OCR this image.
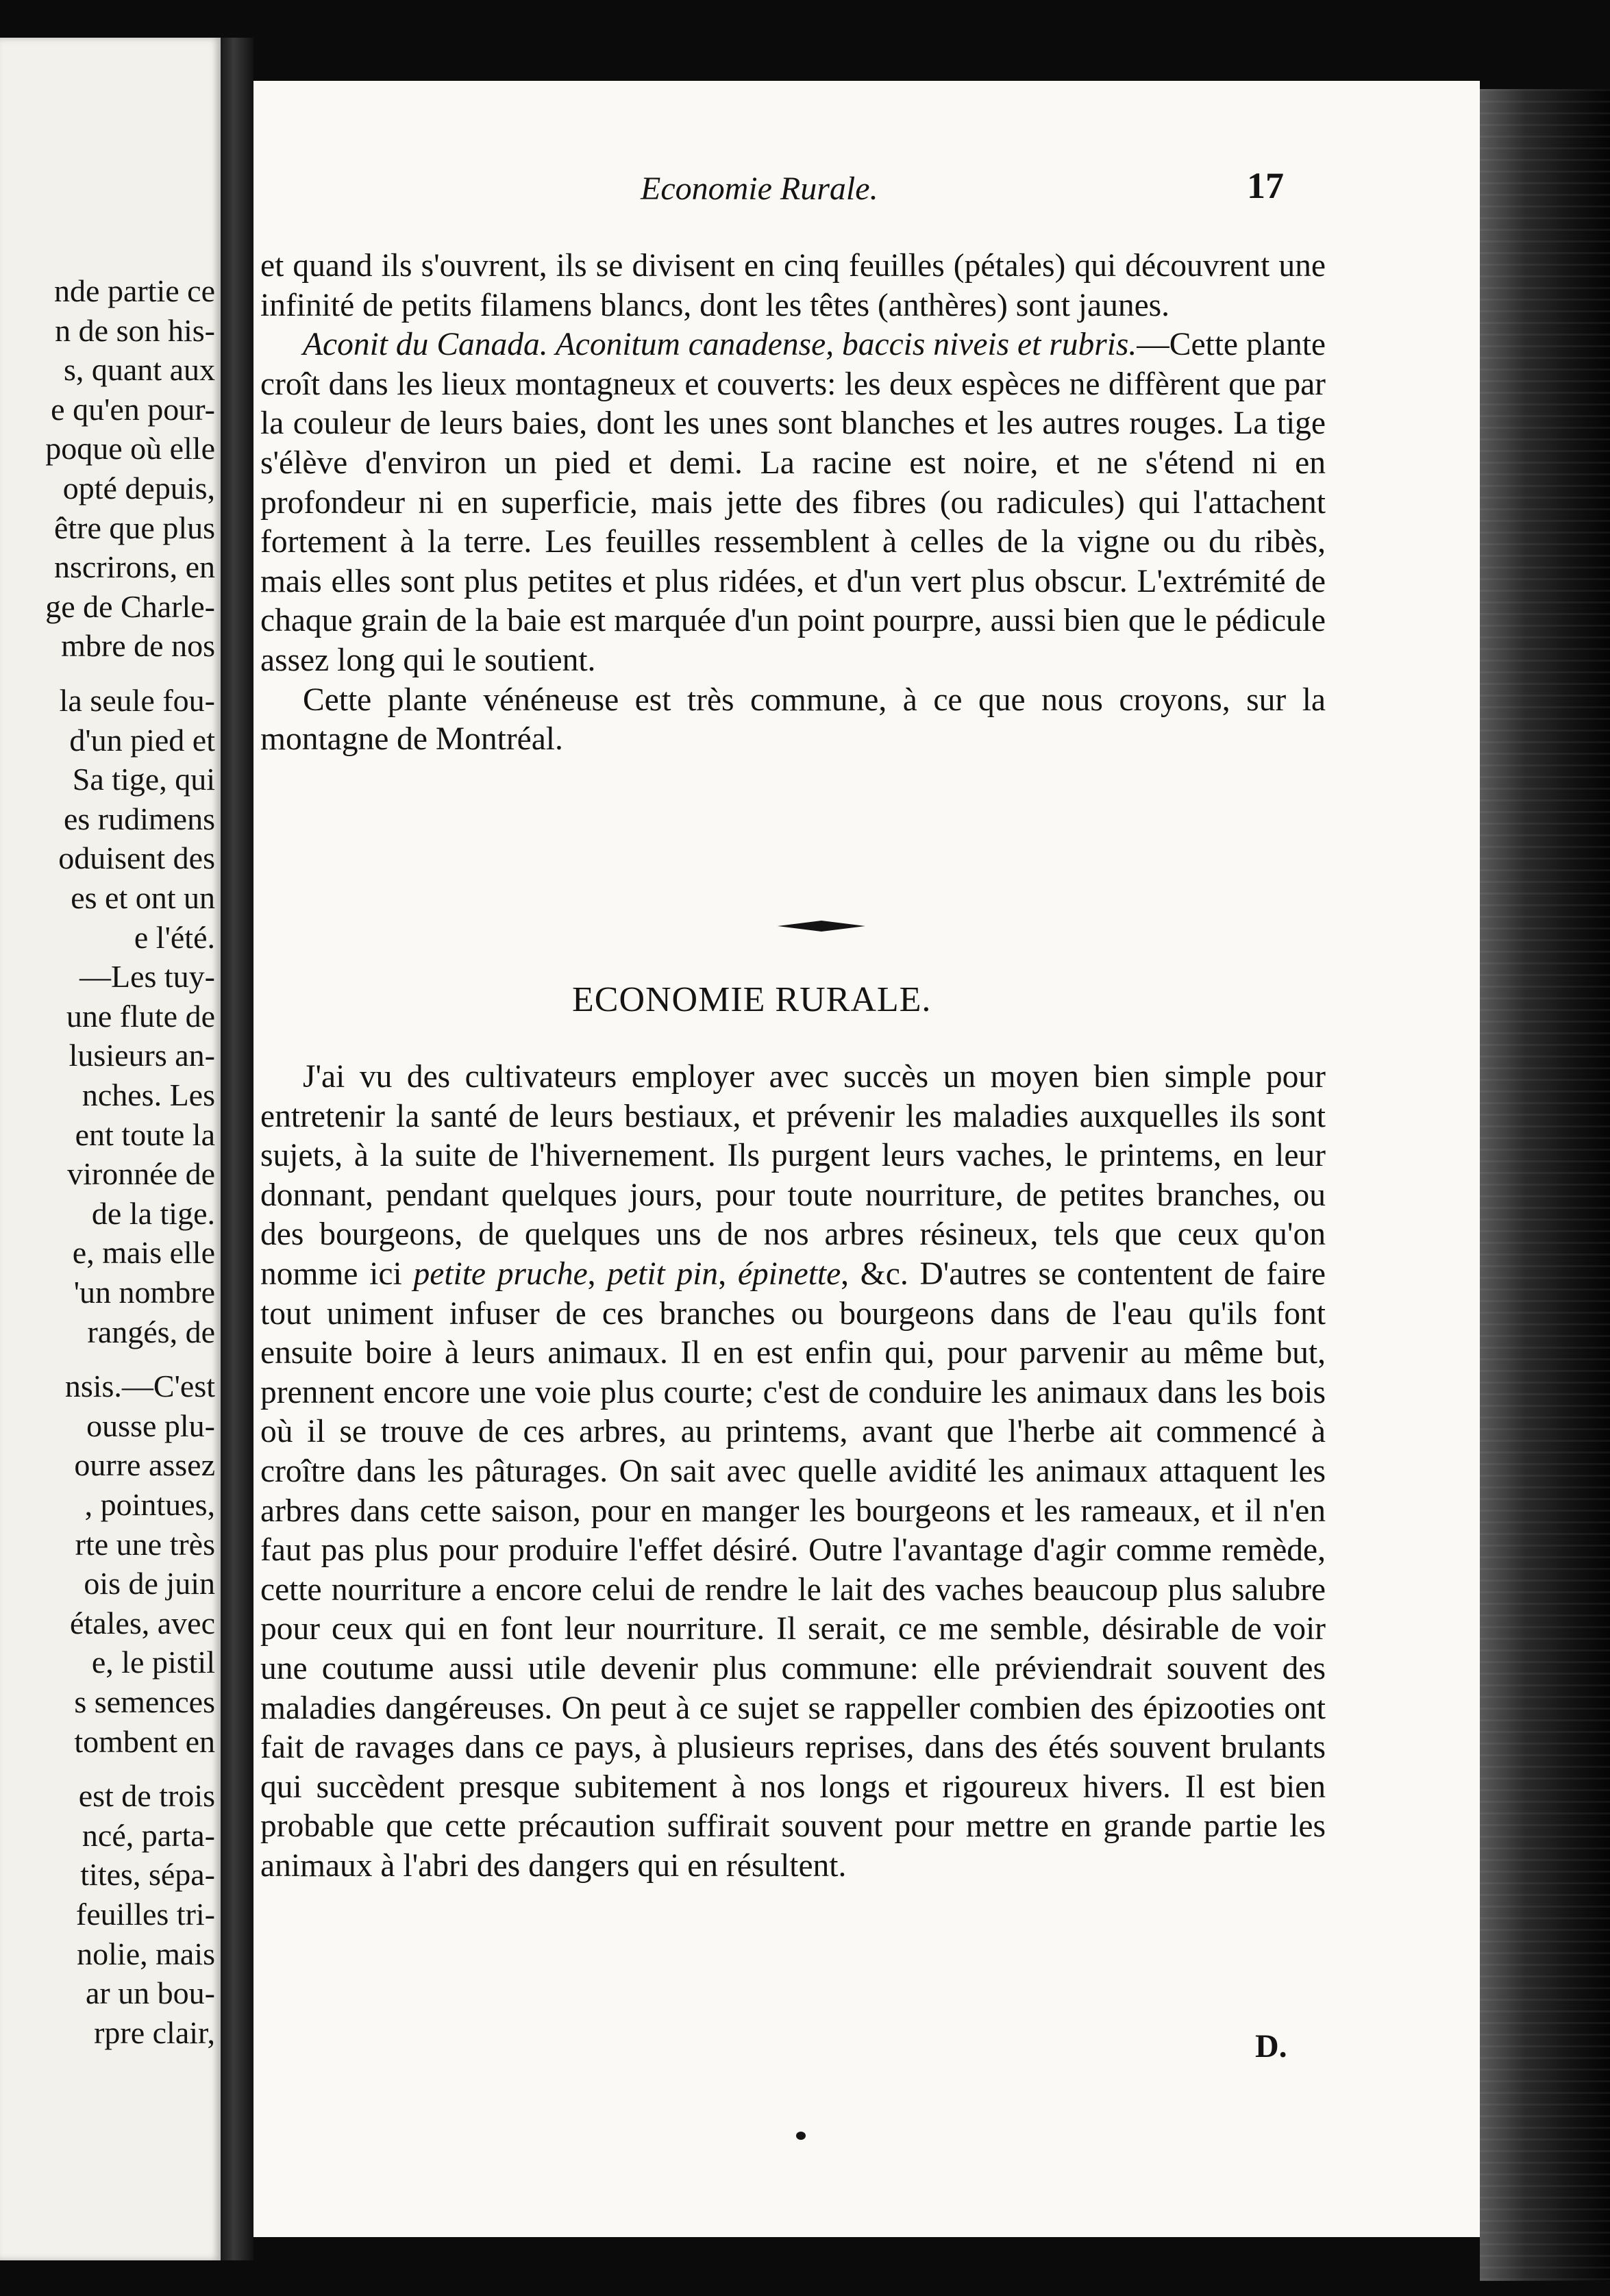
nde partie ce
n de son his-
s, quant aux
e qu'en pour-
poque où elle
opté depuis,
être que plus
nscrirons, en
ge de Charle-
mbre de nos
la seule fou-
d'un pied et
Sa tige, qui
es rudimens
oduisent des
es et ont un
e l'été.
—Les tuy-
une flute de
lusieurs an-
nches. Les
ent toute la
vironnée de
de la tige.
e, mais elle
'un nombre
rangés, de
nsis.—C'est
ousse plu-
ourre assez
, pointues,
rte une très
ois de juin
étales, avec
e, le pistil
s semences
tombent en
est de trois
ncé, parta-
tites, sépa-
feuilles tri-
nolie, mais
ar un bou-
rpre clair,
Economie Rurale.	17

et quand ils s'ouvrent, ils se divisent en cinq feuilles (pétales) qui découvrent une infinité de petits filamens blancs, dont les têtes (anthères) sont jaunes.

Aconit du Canada. Aconitum canadense, baccis niveis et rubris.—Cette plante croît dans les lieux montagneux et couverts: les deux espèces ne diffèrent que par la couleur de leurs baies, dont les unes sont blanches et les autres rouges. La tige s'élève d'environ un pied et demi. La racine est noire, et ne s'étend ni en profondeur ni en superficie, mais jette des fibres (ou radicules) qui l'attachent fortement à la terre. Les feuilles ressemblent à celles de la vigne ou du ribès, mais elles sont plus petites et plus ridées, et d'un vert plus obscur. L'extrémité de chaque grain de la baie est marquée d'un point pourpre, aussi bien que le pédicule assez long qui le soutient.

Cette plante vénéneuse est très commune, à ce que nous croyons, sur la montagne de Montréal.

ECONOMIE RURALE.

J'ai vu des cultivateurs employer avec succès un moyen bien simple pour entretenir la santé de leurs bestiaux, et prévenir les maladies auxquelles ils sont sujets, à la suite de l'hivernement. Ils purgent leurs vaches, le printems, en leur donnant, pendant quelques jours, pour toute nourriture, de petites branches, ou des bourgeons, de quelques uns de nos arbres résineux, tels que ceux qu'on nomme ici petite pruche, petit pin, épinette, &c. D'autres se contentent de faire tout uniment infuser de ces branches ou bourgeons dans de l'eau qu'ils font ensuite boire à leurs animaux. Il en est enfin qui, pour parvenir au même but, prennent encore une voie plus courte; c'est de conduire les animaux dans les bois où il se trouve de ces arbres, au printems, avant que l'herbe ait commencé à croître dans les pâturages. On sait avec quelle avidité les animaux attaquent les arbres dans cette saison, pour en manger les bourgeons et les rameaux, et il n'en faut pas plus pour produire l'effet désiré. Outre l'avantage d'agir comme remède, cette nourriture a encore celui de rendre le lait des vaches beaucoup plus salubre pour ceux qui en font leur nourriture. Il serait, ce me semble, désirable de voir une coutume aussi utile devenir plus commune: elle préviendrait souvent des maladies dangéreuses. On peut à ce sujet se rappeller combien des épizooties ont fait de ravages dans ce pays, à plusieurs reprises, dans des étés souvent brulants qui succèdent presque subitement à nos longs et rigoureux hivers. Il est bien probable que cette précaution suffirait souvent pour mettre en grande partie les animaux à l'abri des dangers qui en résultent.

D.
